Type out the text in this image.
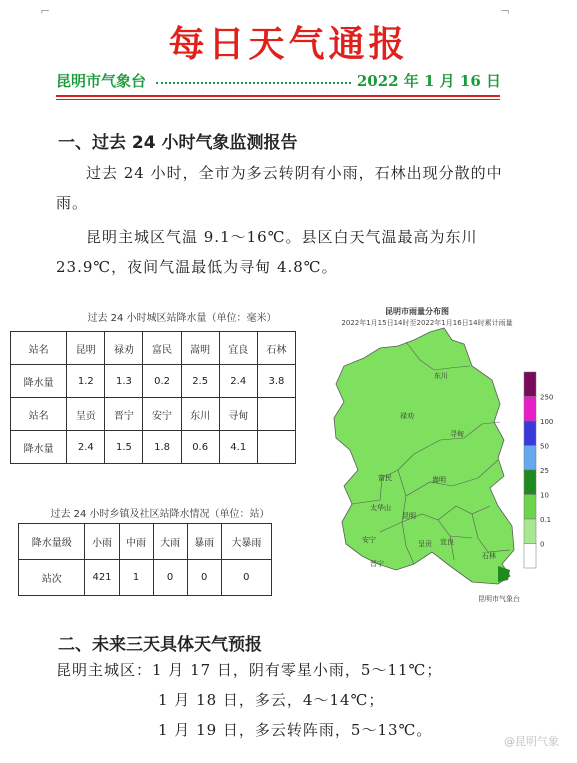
⌐	¬
每日天气通报
昆明市气象台	2022 年 1 月 16 日
一、过去 24 小时气象监测报告
过去 24 小时，全市为多云转阴有小雨，石林出现分散的中雨。
昆明主城区气温 9.1～16℃。县区白天气温最高为东川 23.9℃，夜间气温最低为寻甸 4.8℃。
过去 24 小时城区站降水量（单位：毫米）
站名	昆明	禄劝	富民	嵩明	宜良	石林
降水量	1.2	1.3	0.2	2.5	2.4	3.8
站名	呈贡	晋宁	安宁	东川	寻甸	
降水量	2.4	1.5	1.8	0.6	4.1	
过去 24 小时乡镇及社区站降水情况（单位：站）
降水量级	小雨	中雨	大雨	暴雨	大暴雨
站次	421	1	0	0	0
昆明市雨量分布图
2022年1月15日14时至2022年1月16日14时累计雨量
东川
禄劝
寻甸
富民	嵩明
太华山
昆明
安宁	呈贡 宜良
晋宁
石林
250
100
50
25
10
0.1
0
昆明市气象台
二、未来三天具体天气预报
昆明主城区：1 月 17 日，阴有零星小雨，5～11℃；
1 月 18 日，多云，4～14℃；
1 月 19 日，多云转阵雨，5～13℃。
@昆明气象
